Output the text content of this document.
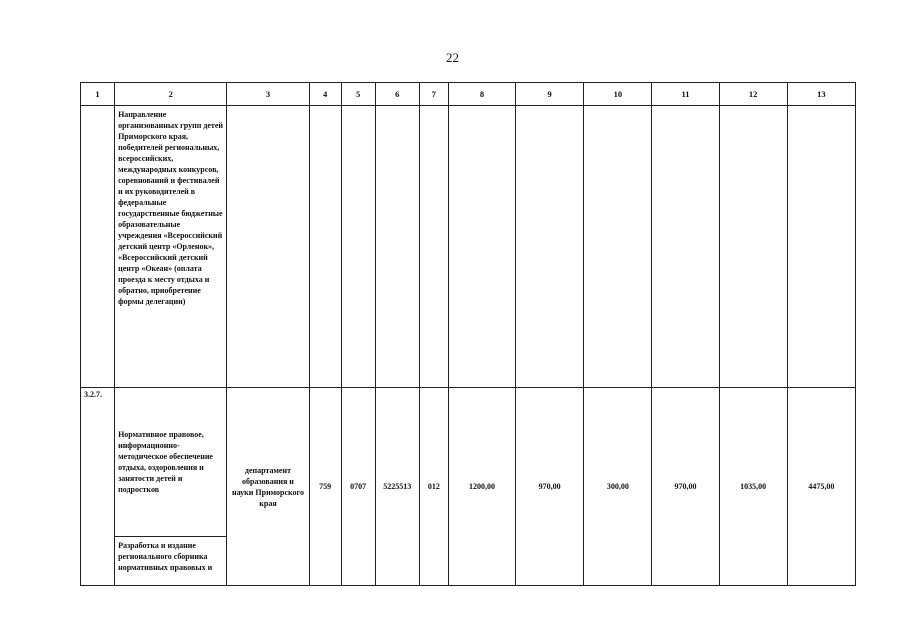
22
1	2	3	4	5	6	7	8	9	10	11	12	13
	Направление организованных групп детей Приморского края, победителей региональных, всероссийских, международных конкурсов, соревнований и фестивалей и их руководителей в федеральные государственные бюджетные образовательные учреждения «Всероссийский детский центр «Орленок», «Всероссийский детский центр «Океан» (оплата проезда к месту отдыха и обратно, приобретение формы делегации)											
3.2.7.	Нормативное правовое, информационно-методическое обеспечение отдыха, оздоровления и занятости детей и подростков	департамент образования и науки Приморского края	759	0707	5225513	012	1200,00	970,00	300,00	970,00	1035,00	4475,00
	Разработка и издание регионального сборника нормативных правовых и											
